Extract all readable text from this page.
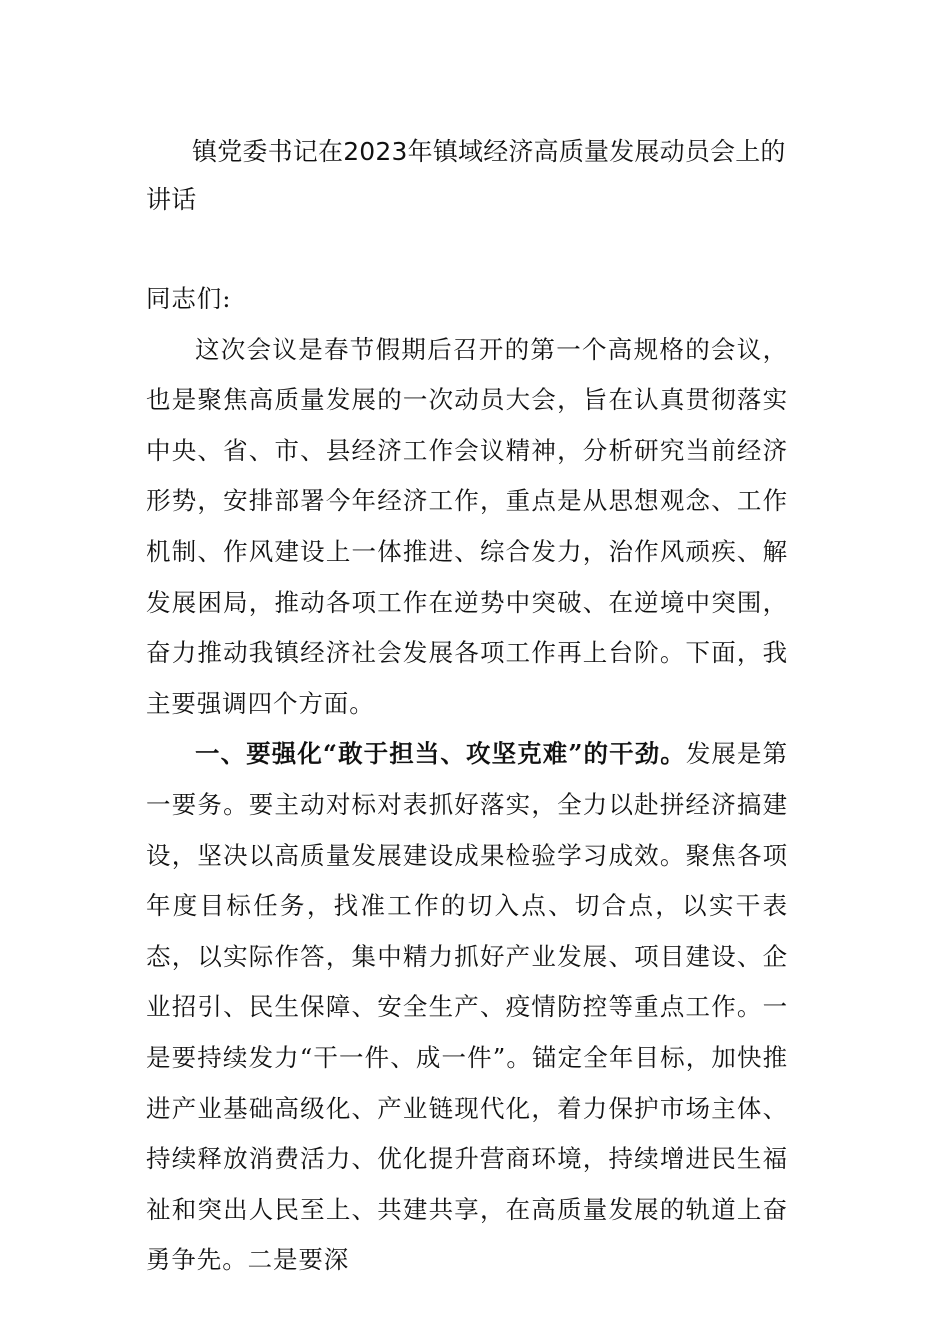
镇党委书记在2023年镇域经济高质量发展动员会上的讲话

同志们:

这次会议是春节假期后召开的第一个高规格的会议，也是聚焦高质量发展的一次动员大会，旨在认真贯彻落实中央、省、市、县经济工作会议精神，分析研究当前经济形势，安排部署今年经济工作，重点是从思想观念、工作机制、作风建设上一体推进、综合发力，治作风顽疾、解发展困局，推动各项工作在逆势中突破、在逆境中突围，奋力推动我镇经济社会发展各项工作再上台阶。下面，我主要强调四个方面。

一、要强化“敢于担当、攻坚克难”的干劲。发展是第一要务。要主动对标对表抓好落实，全力以赴拼经济搞建设，坚决以高质量发展建设成果检验学习成效。聚焦各项年度目标任务，找准工作的切入点、切合点，以实干表态，以实际作答，集中精力抓好产业发展、项目建设、企业招引、民生保障、安全生产、疫情防控等重点工作。一是要持续发力“干一件、成一件”。锚定全年目标，加快推进产业基础高级化、产业链现代化，着力保护市场主体、持续释放消费活力、优化提升营商环境，持续增进民生福祉和突出人民至上、共建共享，在高质量发展的轨道上奋勇争先。二是要深
